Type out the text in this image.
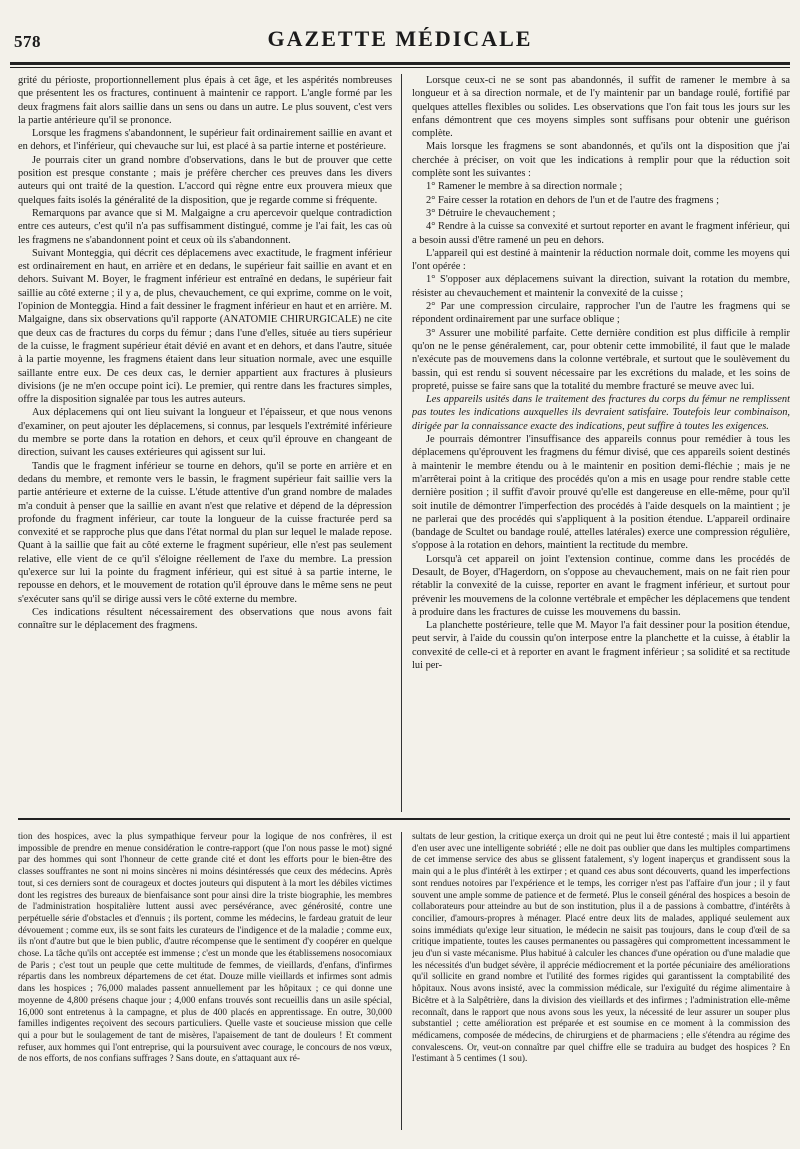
578	GAZETTE MÉDICALE

grité du périoste, proportionnellement plus épais à cet âge, et les aspérités nombreuses que présentent les os fractures, continuent à maintenir ce rapport. L'angle formé par les deux fragmens fait alors saillie dans un sens ou dans un autre. Le plus souvent, c'est vers la partie antérieure qu'il se prononce.

Lorsque les fragmens s'abandonnent, le supérieur fait ordinairement saillie en avant et en dehors, et l'inférieur, qui chevauche sur lui, est placé à sa partie interne et postérieure.

Je pourrais citer un grand nombre d'observations, dans le but de prouver que cette position est presque constante ; mais je préfère chercher ces preuves dans les divers auteurs qui ont traité de la question. L'accord qui règne entre eux prouvera mieux que quelques faits isolés la généralité de la disposition, que je regarde comme si fréquente.

Remarquons par avance que si M. Malgaigne a cru apercevoir quelque contradiction entre ces auteurs, c'est qu'il n'a pas suffisamment distingué, comme je l'ai fait, les cas où les fragmens ne s'abandonnent point et ceux où ils s'abandonnent.

Suivant Monteggia, qui décrit ces déplacemens avec exactitude, le fragment inférieur est ordinairement en haut, en arrière et en dedans, le supérieur fait saillie en avant et en dehors. Suivant M. Boyer, le fragment inférieur est entraîné en dedans, le supérieur fait saillie au côté externe ; il y a, de plus, chevauchement, ce qui exprime, comme on le voit, l'opinion de Monteggia. Hind a fait dessiner le fragment inférieur en haut et en arrière. M. Malgaigne, dans six observations qu'il rapporte (ANATOMIE CHIRURGICALE) ne cite que deux cas de fractures du corps du fémur ; dans l'une d'elles, située au tiers supérieur de la cuisse, le fragment supérieur était dévié en avant et en dehors, et dans l'autre, située à la partie moyenne, les fragmens étaient dans leur situation normale, avec une esquille saillante entre eux. De ces deux cas, le dernier appartient aux fractures à plusieurs divisions (je ne m'en occupe point ici). Le premier, qui rentre dans les fractures simples, offre la disposition signalée par tous les autres auteurs.

Aux déplacemens qui ont lieu suivant la longueur et l'épaisseur, et que nous venons d'examiner, on peut ajouter les déplacemens, si connus, par lesquels l'extrémité inférieure du membre se porte dans la rotation en dehors, et ceux qu'il éprouve en changeant de direction, suivant les causes extérieures qui agissent sur lui.

Tandis que le fragment inférieur se tourne en dehors, qu'il se porte en arrière et en dedans du membre, et remonte vers le bassin, le fragment supérieur fait saillie vers la partie antérieure et externe de la cuisse. L'étude attentive d'un grand nombre de malades m'a conduit à penser que la saillie en avant n'est que relative et dépend de la dépression profonde du fragment inférieur, car toute la longueur de la cuisse fracturée perd sa convexité et se rapproche plus que dans l'état normal du plan sur lequel le malade repose. Quant à la saillie que fait au côté externe le fragment supérieur, elle n'est pas seulement relative, elle vient de ce qu'il s'éloigne réellement de l'axe du membre. La pression qu'exerce sur lui la pointe du fragment inférieur, qui est situé à sa partie interne, le repousse en dehors, et le mouvement de rotation qu'il éprouve dans le même sens ne peut s'exécuter sans qu'il se dirige aussi vers le côté externe du membre.

Ces indications résultent nécessairement des observations que nous avons fait connaître sur le déplacement des fragmens.

Lorsque ceux-ci ne se sont pas abandonnés, il suffit de ramener le membre à sa longueur et à sa direction normale, et de l'y maintenir par un bandage roulé, fortifié par quelques attelles flexibles ou solides. Les observations que l'on fait tous les jours sur les enfans démontrent que ces moyens simples sont suffisans pour obtenir une guérison complète.

Mais lorsque les fragmens se sont abandonnés, et qu'ils ont la disposition que j'ai cherchée à préciser, on voit que les indications à remplir pour que la réduction soit complète sont les suivantes :

1° Ramener le membre à sa direction normale ;

2° Faire cesser la rotation en dehors de l'un et de l'autre des fragmens ;

3° Détruire le chevauchement ;

4° Rendre à la cuisse sa convexité et surtout reporter en avant le fragment inférieur, qui a besoin aussi d'être ramené un peu en dehors.

L'appareil qui est destiné à maintenir la réduction normale doit, comme les moyens qui l'ont opérée :

1° S'opposer aux déplacemens suivant la direction, suivant la rotation du membre, résister au chevauchement et maintenir la convexité de la cuisse ;

2° Par une compression circulaire, rapprocher l'un de l'autre les fragmens qui se répondent ordinairement par une surface oblique ;

3° Assurer une mobilité parfaite. Cette dernière condition est plus difficile à remplir qu'on ne le pense généralement, car, pour obtenir cette immobilité, il faut que le malade n'exécute pas de mouvemens dans la colonne vertébrale, et surtout que le soulèvement du bassin, qui est rendu si souvent nécessaire par les excrétions du malade, et les soins de propreté, puisse se faire sans que la totalité du membre fracturé se meuve avec lui.

Les appareils usités dans le traitement des fractures du corps du fémur ne remplissent pas toutes les indications auxquelles ils devraient satisfaire. Toutefois leur combinaison, dirigée par la connaissance exacte des indications, peut suffire à toutes les exigences.

Je pourrais démontrer l'insuffisance des appareils connus pour remédier à tous les déplacemens qu'éprouvent les fragmens du fémur divisé, que ces appareils soient destinés à maintenir le membre étendu ou à le maintenir en position demi-fléchie ; mais je ne m'arrêterai point à la critique des procédés qu'on a mis en usage pour rendre stable cette dernière position ; il suffit d'avoir prouvé qu'elle est dangereuse en elle-même, pour qu'il soit inutile de démontrer l'imperfection des procédés à l'aide desquels on la maintient ; je ne parlerai que des procédés qui s'appliquent à la position étendue. L'appareil ordinaire (bandage de Scultet ou bandage roulé, attelles latérales) exerce une compression régulière, s'oppose à la rotation en dehors, maintient la rectitude du membre.

Lorsqu'à cet appareil on joint l'extension continue, comme dans les procédés de Desault, de Boyer, d'Hagerdorn, on s'oppose au chevauchement, mais on ne fait rien pour rétablir la convexité de la cuisse, reporter en avant le fragment inférieur, et surtout pour prévenir les mouvemens de la colonne vertébrale et empêcher les déplacemens que tendent à produire dans les fractures de cuisse les mouvemens du bassin.

La planchette postérieure, telle que M. Mayor l'a fait dessiner pour la position étendue, peut servir, à l'aide du coussin qu'on interpose entre la planchette et la cuisse, à établir la convexité de celle-ci et à reporter en avant le fragment inférieur ; sa solidité et sa rectitude lui per-

tion des hospices, avec la plus sympathique ferveur pour la logique de nos confrères, il est impossible de prendre en menue considération le contre-rapport (que l'on nous passe le mot) signé par des hommes qui sont l'honneur de cette grande cité et dont les efforts pour le bien-être des classes souffrantes ne sont ni moins sincères ni moins désintéressés que ceux des médecins. Après tout, si ces derniers sont de courageux et doctes jouteurs qui disputent à la mort les débiles victimes dont les registres des bureaux de bienfaisance sont pour ainsi dire la triste biographie, les membres de l'administration hospitalière luttent aussi avec persévérance, avec générosité, contre une perpétuelle série d'obstacles et d'ennuis ; ils portent, comme les médecins, le fardeau gratuit de leur dévouement ; comme eux, ils se sont faits les curateurs de l'indigence et de la maladie ; comme eux, ils n'ont d'autre but que le bien public, d'autre récompense que le sentiment d'y coopérer en quelque chose. La tâche qu'ils ont acceptée est immense ; c'est un monde que les établissemens nosocomiaux de Paris ; c'est tout un peuple que cette multitude de femmes, de vieillards, d'enfans, d'infirmes répartis dans les nombreux départemens de cet état. Douze mille vieillards et infirmes sont admis dans les hospices ; 76,000 malades passent annuellement par les hôpitaux ; ce qui donne une moyenne de 4,800 présens chaque jour ; 4,000 enfans trouvés sont recueillis dans un asile spécial, 16,000 sont entretenus à la campagne, et plus de 400 placés en apprentissage. En outre, 30,000 familles indigentes reçoivent des secours particuliers. Quelle vaste et soucieuse mission que celle qui a pour but le soulagement de tant de misères, l'apaisement de tant de douleurs ! Et comment refuser, aux hommes qui l'ont entreprise, qui la poursuivent avec courage, le concours de nos vœux, de nos efforts, de nos confians suffrages ? Sans doute, en s'attaquant aux ré-

sultats de leur gestion, la critique exerça un droit qui ne peut lui être contesté ; mais il lui appartient d'en user avec une intelligente sobriété ; elle ne doit pas oublier que dans les multiples compartimens de cet immense service des abus se glissent fatalement, s'y logent inaperçus et grandissent sous la main qui a le plus d'intérêt à les extirper ; et quand ces abus sont découverts, quand les imperfections sont rendues notoires par l'expérience et le temps, les corriger n'est pas l'affaire d'un jour ; il y faut souvent une ample somme de patience et de fermeté. Plus le conseil général des hospices a besoin de collaborateurs pour atteindre au but de son institution, plus il a de passions à combattre, d'intérêts à concilier, d'amours-propres à ménager. Placé entre deux lits de malades, appliqué seulement aux soins immédiats qu'exige leur situation, le médecin ne saisit pas toujours, dans le coup d'œil de sa critique impatiente, toutes les causes permanentes ou passagères qui compromettent incessamment le jeu d'un si vaste mécanisme. Plus habitué à calculer les chances d'une opération ou d'une maladie que les nécessités d'un budget sévère, il apprécie médiocrement et la portée pécuniaire des améliorations qu'il sollicite en grand nombre et l'utilité des formes rigides qui garantissent la comptabilité des hôpitaux. Nous avons insisté, avec la commission médicale, sur l'exiguïté du régime alimentaire à Bicêtre et à la Salpêtrière, dans la division des vieillards et des infirmes ; l'administration elle-même reconnaît, dans le rapport que nous avons sous les yeux, la nécessité de leur assurer un souper plus substantiel ; cette amélioration est préparée et est soumise en ce moment à la commission des médicamens, composée de médecins, de chirurgiens et de pharmaciens ; elle s'étendra au régime des convalescens. Or, veut-on connaître par quel chiffre elle se traduira au budget des hospices ? En l'estimant à 5 centimes (1 sou).
